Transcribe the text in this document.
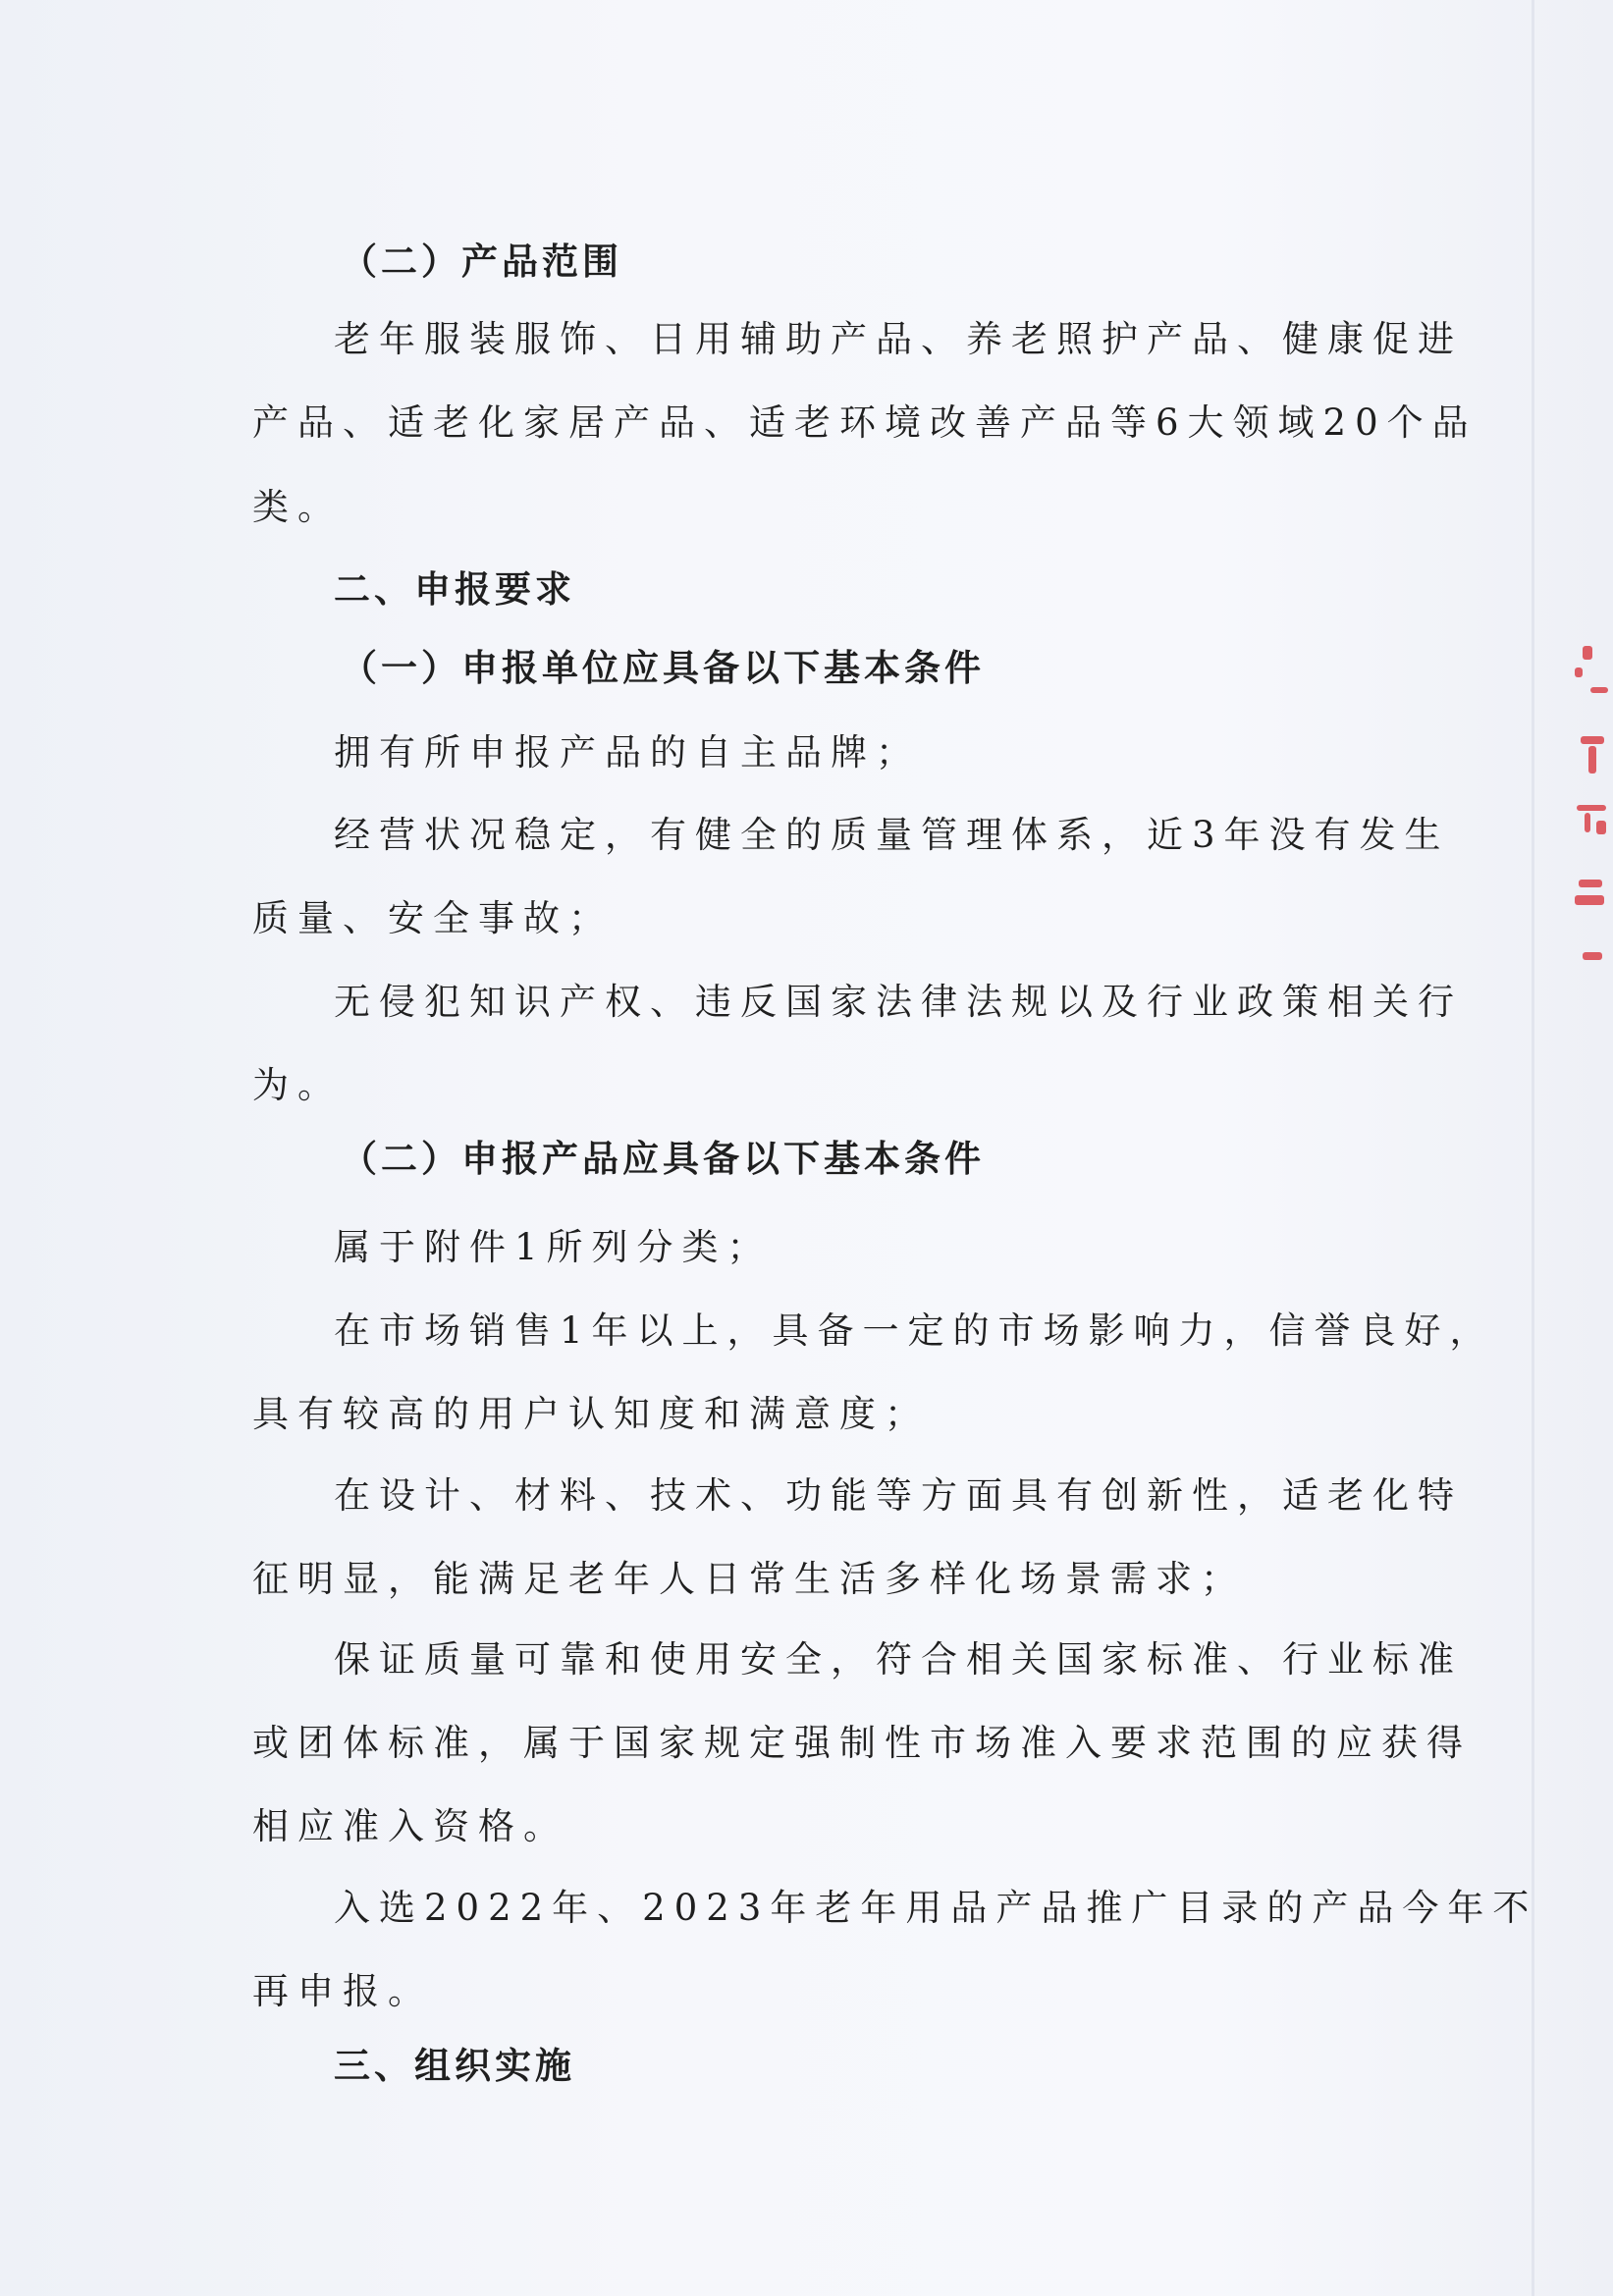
（二）产品范围
老年服装服饰、日用辅助产品、养老照护产品、健康促进
产品、适老化家居产品、适老环境改善产品等6大领域20个品
类。
二、申报要求
（一）申报单位应具备以下基本条件
拥有所申报产品的自主品牌；
经营状况稳定，有健全的质量管理体系，近3年没有发生
质量、安全事故；
无侵犯知识产权、违反国家法律法规以及行业政策相关行
为。
（二）申报产品应具备以下基本条件
属于附件1所列分类；
在市场销售1年以上，具备一定的市场影响力，信誉良好，
具有较高的用户认知度和满意度；
在设计、材料、技术、功能等方面具有创新性，适老化特
征明显，能满足老年人日常生活多样化场景需求；
保证质量可靠和使用安全，符合相关国家标准、行业标准
或团体标准，属于国家规定强制性市场准入要求范围的应获得
相应准入资格。
入选2022年、2023年老年用品产品推广目录的产品今年不
再申报。
三、组织实施
